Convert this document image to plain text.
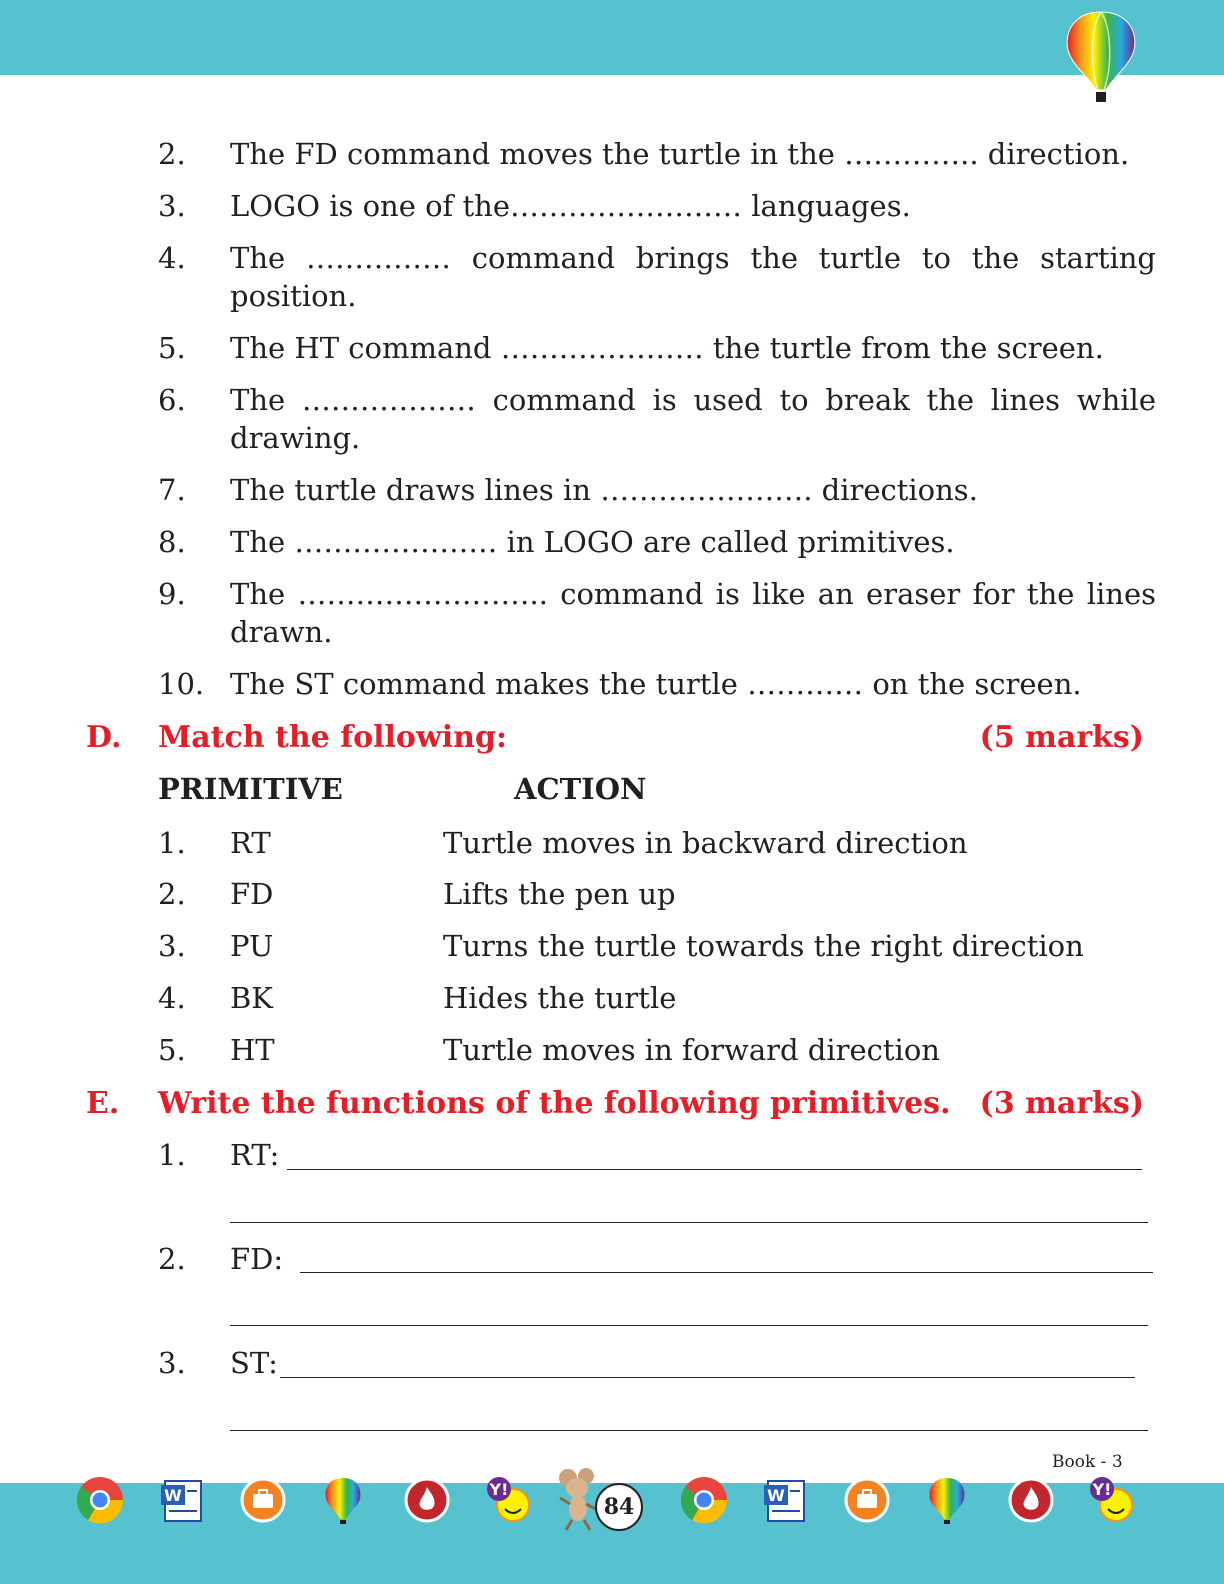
2. The FD command moves the turtle in the ………….. direction.
3. LOGO is one of the…………………… languages.
4. The …………… command brings the turtle to the starting
position.
5. The HT command ………………… the turtle from the screen.
6. The ……………… command is used to break the lines while
drawing.
7. The turtle draws lines in …………………. directions.
8. The ………………… in LOGO are called primitives.
9. The …………………….. command is like an eraser for the lines
drawn.
10. The ST command makes the turtle ………… on the screen.
D. Match the following:	(5 marks)
PRIMITIVE	ACTION
1. RT	Turtle moves in backward direction
2. FD	Lifts the pen up
3. PU	Turns the turtle towards the right direction
4. BK	Hides the turtle
5. HT	Turtle moves in forward direction
E. Write the functions of the following primitives. (3 marks)
1. RT:
2. FD:
3. ST:
Book - 3
W	Y!
84	W	Y!
